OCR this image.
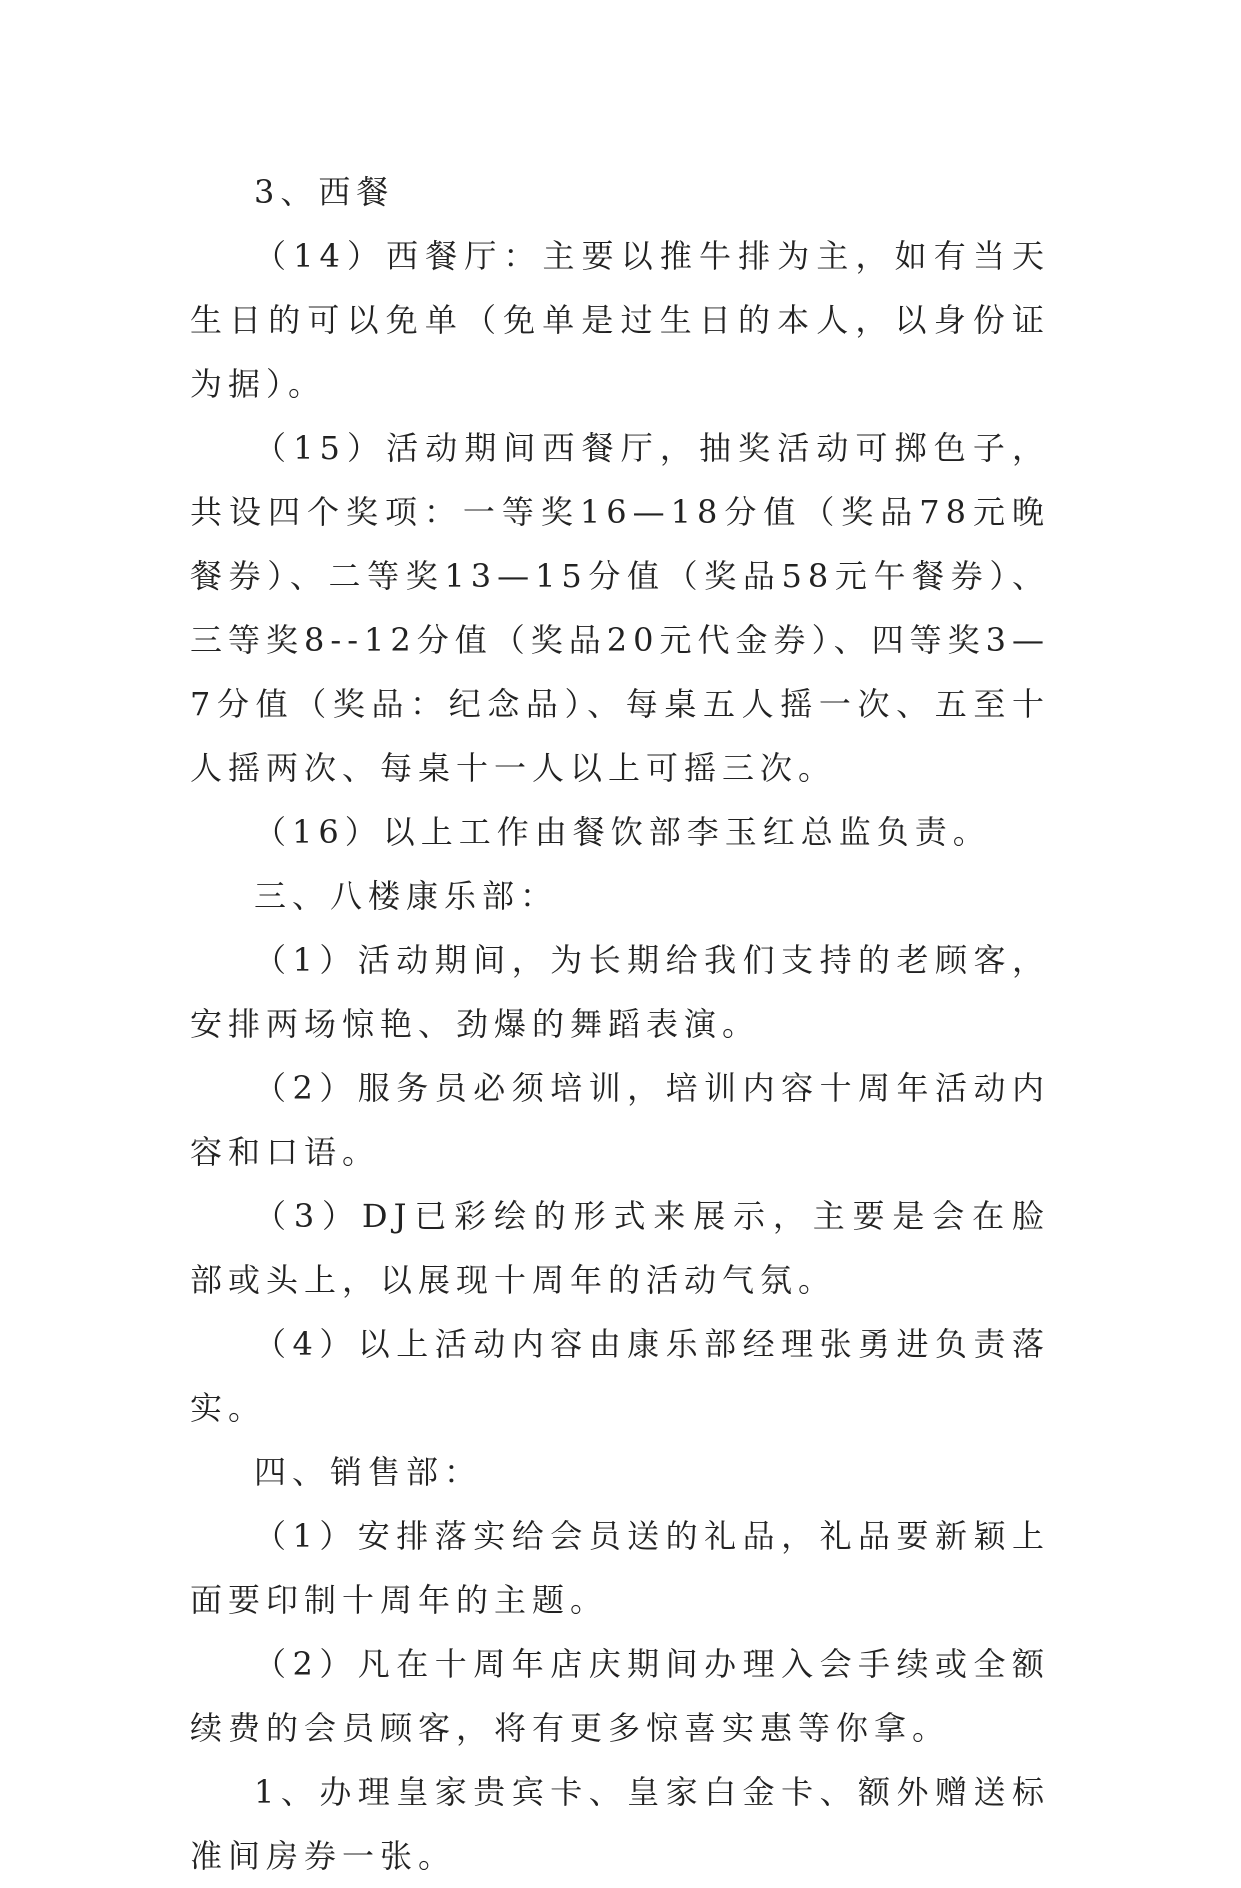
3、西餐

（14）西餐厅：主要以推牛排为主，如有当天生日的可以免单（免单是过生日的本人，以身份证为据）。

（15）活动期间西餐厅，抽奖活动可掷色子，共设四个奖项：一等奖16—18分值（奖品78元晚餐券）、二等奖13—15分值（奖品58元午餐券）、三等奖8--12分值（奖品20元代金券）、四等奖3—7分值（奖品：纪念品）、每桌五人摇一次、五至十人摇两次、每桌十一人以上可摇三次。

（16）以上工作由餐饮部李玉红总监负责。

三、八楼康乐部：

（1）活动期间，为长期给我们支持的老顾客，安排两场惊艳、劲爆的舞蹈表演。

（2）服务员必须培训，培训内容十周年活动内容和口语。

（3）DJ已彩绘的形式来展示，主要是会在脸部或头上，以展现十周年的活动气氛。

（4）以上活动内容由康乐部经理张勇进负责落实。

四、销售部：

（1）安排落实给会员送的礼品，礼品要新颖上面要印制十周年的主题。

（2）凡在十周年店庆期间办理入会手续或全额续费的会员顾客，将有更多惊喜实惠等你拿。

1、办理皇家贵宾卡、皇家白金卡、额外赠送标准间房券一张。
